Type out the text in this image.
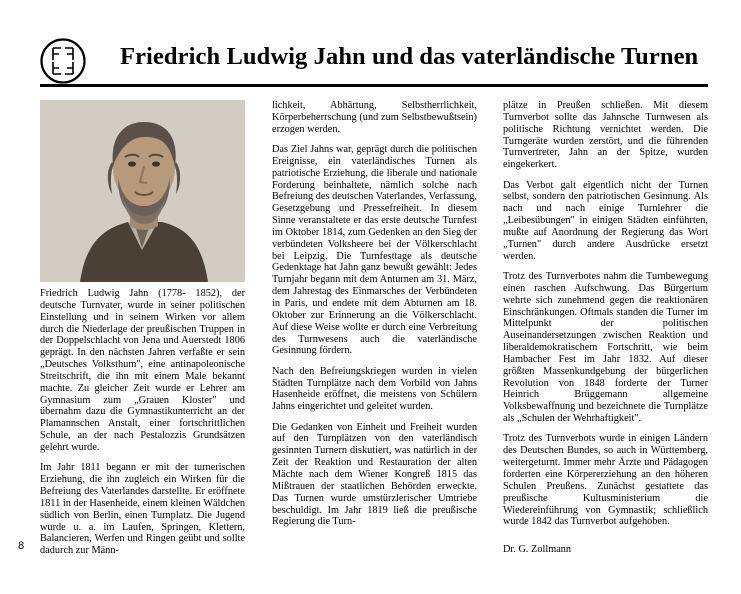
Friedrich Ludwig Jahn und das vaterländische Turnen

Friedrich Ludwig Jahn (1778- 1852), der deutsche Turnvater, wurde in seiner politischen Einstellung und in seinem Wirken vor allem durch die Niederlage der preußischen Truppen in der Doppelschlacht von Jena und Auerstedt 1806 geprägt. In den nächsten Jahren verfaßte er sein „Deutsches Volksthum", eine antinapoleonische Streitschrift, die ihn mit einem Male bekannt machte. Zu gleicher Zeit wurde er Lehrer am Gymnasium zum „Grauen Kloster" und übernahm dazu die Gymnastikunterricht an der Plamannschen Anstalt, einer fortschrittlichen Schule, an der nach Pestalozzis Grundsätzen gelehrt wurde.

Im Jahr 1811 begann er mit der turnerischen Erziehung, die ihn zugleich ein Wirken für die Befreiung des Vaterlandes darstellte. Er eröffnete 1811 in der Hasenheide, einem kleinen Wäldchen südlich von Berlin, einen Turnplatz. Die Jugend wurde u. a. im Laufen, Springen, Klettern, Balancieren, Werfen und Ringen geübt und sollte dadurch zur Männ-

lichkeit, Abhärtung, Selbstherrlichkeit, Körperbeherrschung (und zum Selbstbewußtsein) erzogen werden.

Das Ziel Jahns war, geprägt durch die politischen Ereignisse, ein vaterländisches Turnen als patriotische Erziehung, die liberale und nationale Forderung beinhaltete, nämlich solche nach Befreiung des deutschen Vaterlandes, Verfassung, Gesetzgebung und Pressefreiheit. In diesem Sinne veranstaltete er das erste deutsche Turnfest im Oktober 1814, zum Gedenken an den Sieg der verbündeten Volksheere bei der Völkerschlacht bei Leipzig. Die Turnfesttage als deutsche Gedenktage hat Jahn ganz bewußt gewählt: Jedes Turnjahr begann mit dem Anturnen am 31. März, dem Jahrestag des Einmarsches der Verbündeten in Paris, und endete mit dem Abturnen am 18. Oktober zur Erinnerung an die Völkerschlacht. Auf diese Weise wollte er durch eine Verbreitung des Turnwesens auch die vaterländische Gesinnung fördern.

Nach den Befreiungskriegen wurden in vielen Städten Turnplätze nach dem Vorbild von Jahns Hasenheide eröffnet, die meistens von Schülern Jahns eingerichtet und geleitet wurden.

Die Gedanken von Einheit und Freiheit wurden auf den Turnplätzen von den vaterländisch gesinnten Turnern diskutiert, was natürlich in der Zeit der Reaktion und Restauration der alten Mächte nach dem Wiener Kongreß 1815 das Mißtrauen der staatlichen Behörden erweckte. Das Turnen wurde umstürzlerischer Umtriebe beschuldigt. Im Jahr 1819 ließ die preußische Regierung die Turn-

plätze in Preußen schließen. Mit diesem Turnverbot sollte das Jahnsche Turnwesen als politische Richtung vernichtet werden. Die Turngeräte wurden zerstört, und die führenden Turnvertreter, Jahn an der Spitze, wurden eingekerkert.

Das Verbot galt eigentlich nicht der Turnen selbst, sondern den patriotischen Gesinnung. Als nach und nach einige Turnlehrer die „Leibesübungen" in einigen Städten einführten, mußte auf Anordnung der Regierung das Wort „Turnen" durch andere Ausdrücke ersetzt werden.

Trotz des Turnverbotes nahm die Turnbewegung einen raschen Aufschwung. Das Bürgertum wehrte sich zunehmend gegen die reaktionären Einschränkungen. Oftmals standen die Turner im Mittelpunkt der politischen Auseinandersetzungen zwischen Reaktion und liberaldemokratischem Fortschritt, wie beim Hambacher Fest im Jahr 1832. Auf dieser größten Massenkundgebung der bürgerlichen Revolution von 1848 forderte der Turner Heinrich Brüggemann allgemeine Volksbewaffnung und bezeichnete die Turnplätze als „Schulen der Wehrhaftigkeit".

Trotz des Turnverbots wurde in einigen Ländern des Deutschen Bundes, so auch in Württemberg, weitergeturnt. Immer mehr Ärzte und Pädagogen forderten eine Körpererziehung an den höheren Schulen Preußens. Zunächst gestattete das preußische Kultusministerium die Wiedereinführung von Gymnastik; schließlich wurde 1842 das Turnverbot aufgehoben.

8	Dr. G. Zollmann
